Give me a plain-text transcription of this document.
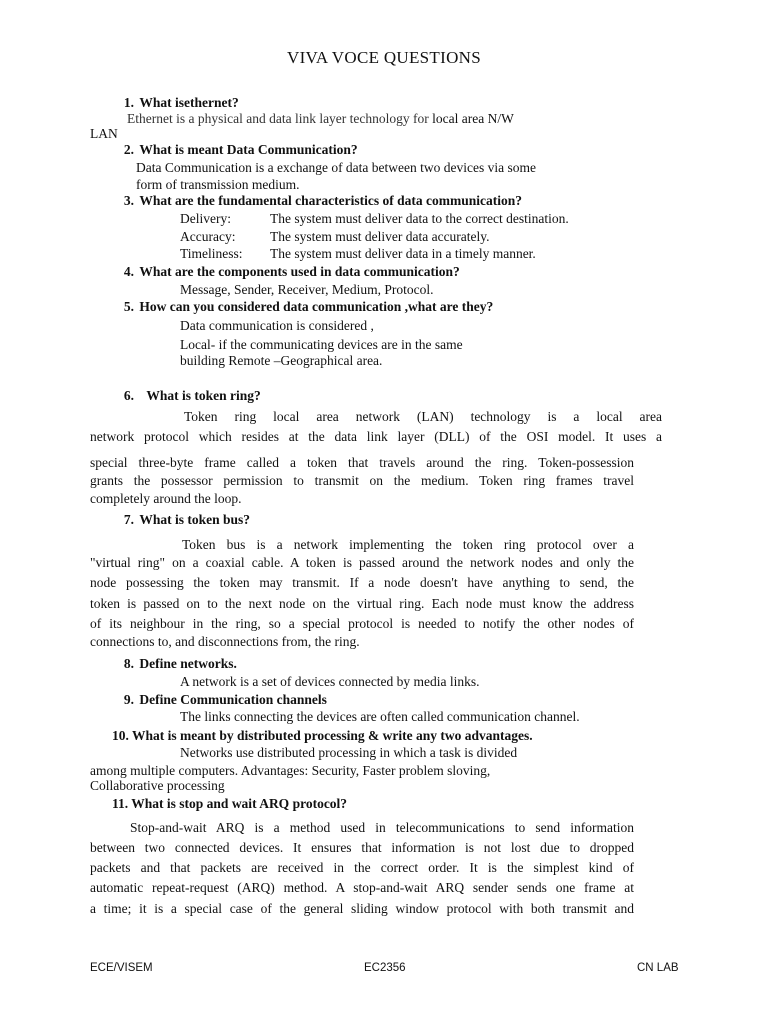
VIVA VOCE QUESTIONS
1. What isethernet?
Ethernet is a physical and data link layer technology for local area N/W
LAN
2. What is meant Data Communication?
Data Communication is a exchange of data between two devices via some
form of transmission medium.
3. What are the fundamental characteristics of data communication?
Delivery:	The system must deliver data to the correct destination.
Accuracy:	The system must deliver data accurately.
Timeliness: The system must deliver data in a timely manner.
4. What are the components used in data communication?
Message, Sender, Receiver, Medium, Protocol.
5. How can you considered data communication ,what are they?
Data communication is considered ,
Local- if the communicating devices are in the same
building Remote –Geographical area.
6. What is token ring?
Token ring local area network (LAN) technology is a local area
network protocol which resides at the data link layer (DLL) of the OSI model. It uses a
special three-byte frame called a token that travels around the ring. Token-possession
grants the possessor permission to transmit on the medium. Token ring frames travel
completely around the loop.
7. What is token bus?
Token bus is a network implementing the token ring protocol over a
"virtual ring" on a coaxial cable. A token is passed around the network nodes and only the
node possessing the token may transmit. If a node doesn't have anything to send, the
token is passed on to the next node on the virtual ring. Each node must know the address
of its neighbour in the ring, so a special protocol is needed to notify the other nodes of
connections to, and disconnections from, the ring.
8. Define networks.
A network is a set of devices connected by media links.
9. Define Communication channels
The links connecting the devices are often called communication channel.
10. What is meant by distributed processing & write any two advantages.
Networks use distributed processing in which a task is divided
among multiple computers. Advantages: Security, Faster problem sloving,
Collaborative processing
11. What is stop and wait ARQ protocol?
Stop-and-wait ARQ is a method used in telecommunications to send information
between two connected devices. It ensures that information is not lost due to dropped
packets and that packets are received in the correct order. It is the simplest kind of
automatic repeat-request (ARQ) method. A stop-and-wait ARQ sender sends one frame at
a time; it is a special case of the general sliding window protocol with both transmit and
ECE/VISEM	EC2356	CN LAB
